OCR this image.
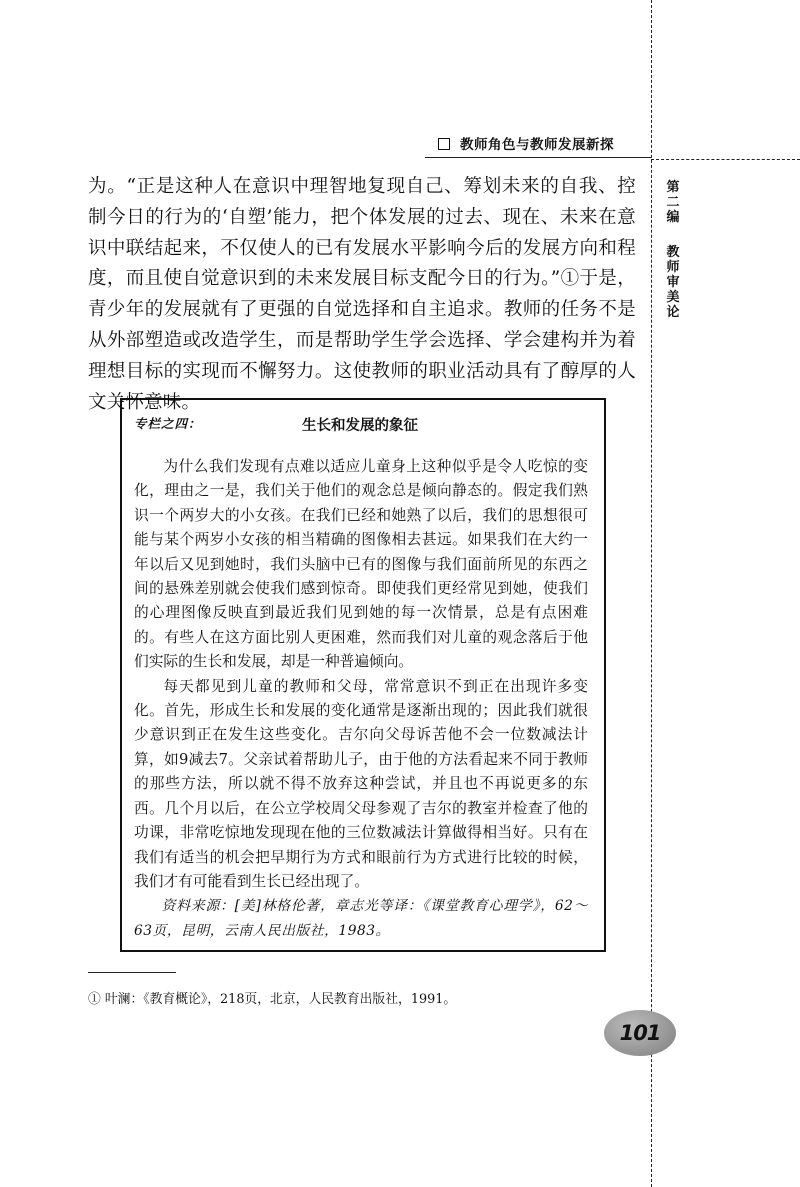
教师角色与教师发展新探
第二编
教师审美论
为。“正是这种人在意识中理智地复现自己、筹划未来的自我、控制今日的行为的‘自塑’能力，把个体发展的过去、现在、未来在意识中联结起来，不仅使人的已有发展水平影响今后的发展方向和程度，而且使自觉意识到的未来发展目标支配今日的行为。”①于是，青少年的发展就有了更强的自觉选择和自主追求。教师的任务不是从外部塑造或改造学生，而是帮助学生学会选择、学会建构并为着理想目标的实现而不懈努力。这使教师的职业活动具有了醇厚的人文关怀意味。
专栏之四：	生长和发展的象征

为什么我们发现有点难以适应儿童身上这种似乎是令人吃惊的变化，理由之一是，我们关于他们的观念总是倾向静态的。假定我们熟识一个两岁大的小女孩。在我们已经和她熟了以后，我们的思想很可能与某个两岁小女孩的相当精确的图像相去甚远。如果我们在大约一年以后又见到她时，我们头脑中已有的图像与我们面前所见的东西之间的悬殊差别就会使我们感到惊奇。即使我们更经常见到她，使我们的心理图像反映直到最近我们见到她的每一次情景，总是有点困难的。有些人在这方面比别人更困难，然而我们对儿童的观念落后于他们实际的生长和发展，却是一种普遍倾向。

每天都见到儿童的教师和父母，常常意识不到正在出现许多变化。首先，形成生长和发展的变化通常是逐渐出现的；因此我们就很少意识到正在发生这些变化。吉尔向父母诉苦他不会一位数减法计算，如9减去7。父亲试着帮助儿子，由于他的方法看起来不同于教师的那些方法，所以就不得不放弃这种尝试，并且也不再说更多的东西。几个月以后，在公立学校周父母参观了吉尔的教室并检查了他的功课，非常吃惊地发现现在他的三位数减法计算做得相当好。只有在我们有适当的机会把早期行为方式和眼前行为方式进行比较的时候，我们才有可能看到生长已经出现了。

资料来源：[美]林格伦著，章志光等译：《课堂教育心理学》，62～63页，昆明，云南人民出版社，1983。

① 叶澜：《教育概论》，218页，北京，人民教育出版社，1991。
101
